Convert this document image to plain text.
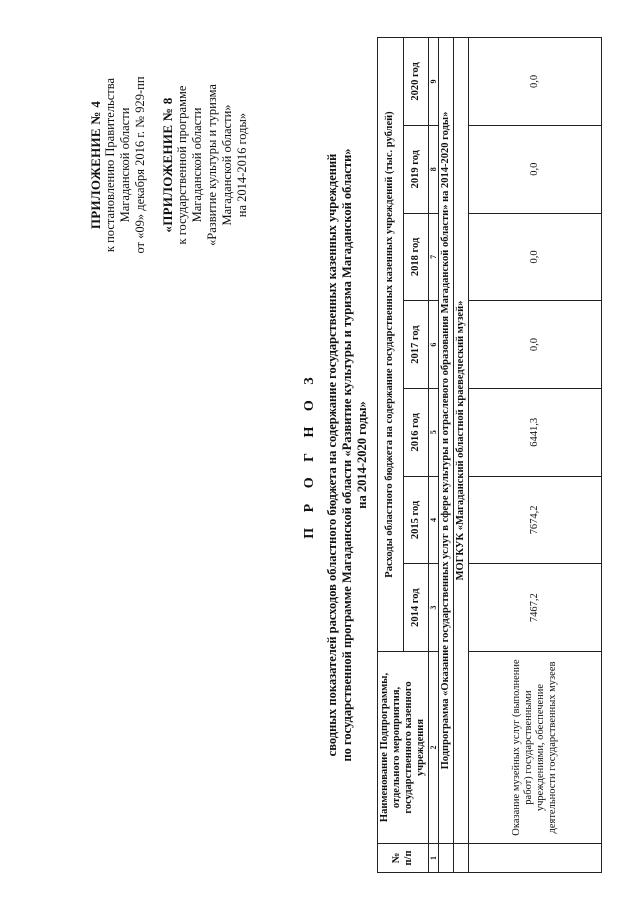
ПРИЛОЖЕНИЕ № 4 к постановлению Правительства Магаданской области от «09» декабря 2016 г. № 929-пп «ПРИЛОЖЕНИЕ № 8 к государственной программе Магаданской области «Развитие культуры и туризма Магаданской области» на 2014-2016 годы»
П Р О Г Н О З сводных показателей расходов областного бюджета на содержание государственных казенных учреждений по государственной программе Магаданской области «Развитие культуры и туризма Магаданской области» на 2014-2020 годы»
№ п/п	Наименование Подпрограммы, отдельного мероприятия, государственного казенного учреждения	Расходы областного бюджета на содержание государственных казенных учреждений (тыс. рублей)						
		2014 год	2015 год	2016 год	2017 год	2018 год	2019 год	2020 год
1	2	3	4	5	6	7	8	9
	Подпрограмма «Оказание государственных услуг в сфере культуры и отраслевого образования Магаданской области» на 2014-2020 годы»							
	МОГКУК «Магаданский областной краеведческий музей»							
	Оказание музейных услуг (выполнение работ) государственными учреждениями, обеспечение деятельности государственных музеев	7467,2	7674,2	6441,3	0,0	0,0	0,0	0,0
